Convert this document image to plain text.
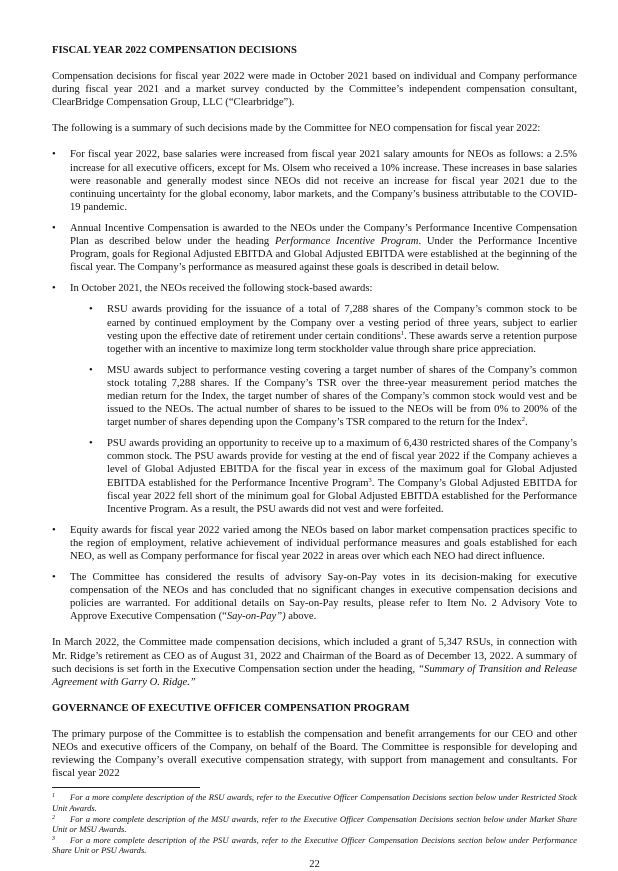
FISCAL YEAR 2022 COMPENSATION DECISIONS

Compensation decisions for fiscal year 2022 were made in October 2021 based on individual and Company performance during fiscal year 2021 and a market survey conducted by the Committee’s independent compensation consultant, ClearBridge Compensation Group, LLC (“Clearbridge”).

The following is a summary of such decisions made by the Committee for NEO compensation for fiscal year 2022:

• For fiscal year 2022, base salaries were increased from fiscal year 2021 salary amounts for NEOs as follows: a 2.5% increase for all executive officers, except for Ms. Olsem who received a 10% increase. These increases in base salaries were reasonable and generally modest since NEOs did not receive an increase for fiscal year 2021 due to the continuing uncertainty for the global economy, labor markets, and the Company’s business attributable to the COVID-19 pandemic.
• Annual Incentive Compensation is awarded to the NEOs under the Company’s Performance Incentive Compensation Plan as described below under the heading Performance Incentive Program. Under the Performance Incentive Program, goals for Regional Adjusted EBITDA and Global Adjusted EBITDA were established at the beginning of the fiscal year. The Company’s performance as measured against these goals is described in detail below.
• In October 2021, the NEOs received the following stock-based awards:
• RSU awards providing for the issuance of a total of 7,288 shares of the Company’s common stock to be earned by continued employment by the Company over a vesting period of three years, subject to earlier vesting upon the effective date of retirement under certain conditions$^1$. These awards serve a retention purpose together with an incentive to maximize long term stockholder value through share price appreciation.
• MSU awards subject to performance vesting covering a target number of shares of the Company’s common stock totaling 7,288 shares. If the Company’s TSR over the three-year measurement period matches the median return for the Index, the target number of shares of the Company’s common stock would vest and be issued to the NEOs. The actual number of shares to be issued to the NEOs will be from 0% to 200% of the target number of shares depending upon the Company’s TSR compared to the return for the Index$^2$.
• PSU awards providing an opportunity to receive up to a maximum of 6,430 restricted shares of the Company’s common stock. The PSU awards provide for vesting at the end of fiscal year 2022 if the Company achieves a level of Global Adjusted EBITDA for the fiscal year in excess of the maximum goal for Global Adjusted EBITDA established for the Performance Incentive Program$^3$. The Company’s Global Adjusted EBITDA for fiscal year 2022 fell short of the minimum goal for Global Adjusted EBITDA established for the Performance Incentive Program. As a result, the PSU awards did not vest and were forfeited.
• Equity awards for fiscal year 2022 varied among the NEOs based on labor market compensation practices specific to the region of employment, relative achievement of individual performance measures and goals established for each NEO, as well as Company performance for fiscal year 2022 in areas over which each NEO had direct influence.
• The Committee has considered the results of advisory Say-on-Pay votes in its decision-making for executive compensation of the NEOs and has concluded that no significant changes in executive compensation decisions and policies are warranted. For additional details on Say-on-Pay results, please refer to Item No. 2 Advisory Vote to Approve Executive Compensation (“Say-on-Pay”) above.

In March 2022, the Committee made compensation decisions, which included a grant of 5,347 RSUs, in connection with Mr. Ridge’s retirement as CEO as of August 31, 2022 and Chairman of the Board as of December 13, 2022. A summary of such decisions is set forth in the Executive Compensation section under the heading, “Summary of Transition and Release Agreement with Garry O. Ridge.”

GOVERNANCE OF EXECUTIVE OFFICER COMPENSATION PROGRAM

The primary purpose of the Committee is to establish the compensation and benefit arrangements for our CEO and other NEOs and executive officers of the Company, on behalf of the Board. The Committee is responsible for developing and reviewing the Company’s overall executive compensation strategy, with support from management and consultants. For fiscal year 2022

1 For a more complete description of the RSU awards, refer to the Executive Officer Compensation Decisions section below under Restricted Stock Unit Awards.

2 For a more complete description of the MSU awards, refer to the Executive Officer Compensation Decisions section below under Market Share Unit or MSU Awards.

3 For a more complete description of the PSU awards, refer to the Executive Officer Compensation Decisions section below under Performance Share Unit or PSU Awards.

22
